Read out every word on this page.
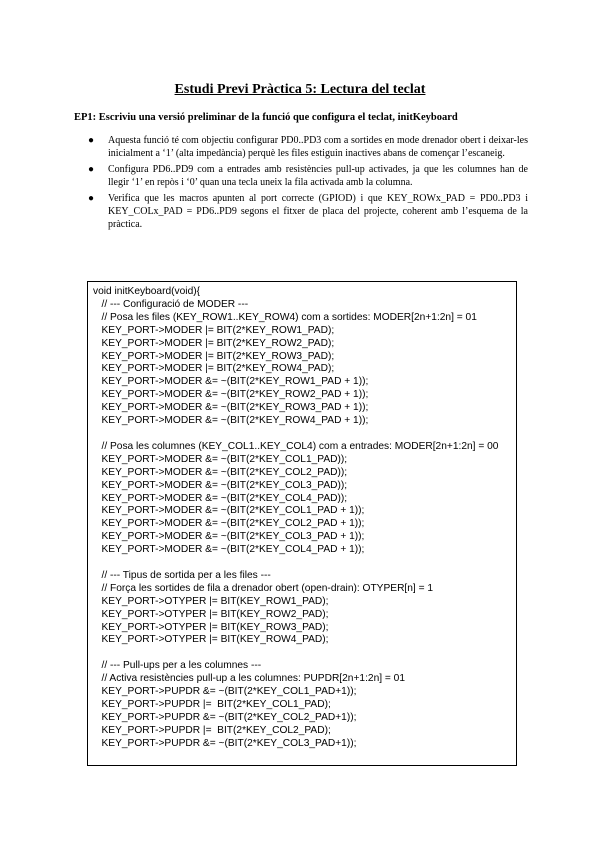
Estudi Previ Pràctica 5: Lectura del teclat
EP1: Escriviu una versió preliminar de la funció que configura el teclat, initKeyboard
● Aquesta funció té com objectiu configurar PD0..PD3 com a sortides en mode drenador obert i deixar-les inicialment a ‘1’ (alta impedància) perquè les files estiguin inactives abans de començar l’escaneig.
● Configura PD6..PD9 com a entrades amb resistències pull-up activades, ja que les columnes han de llegir ‘1’ en repòs i ‘0’ quan una tecla uneix la fila activada amb la columna.
● Verifica que les macros apunten al port correcte (GPIOD) i que KEY_ROWx_PAD = PD0..PD3 i KEY_COLx_PAD = PD6..PD9 segons el fitxer de placa del projecte, coherent amb l’esquema de la pràctica.
void initKeyboard(void){
// --- Configuració de MODER ---
// Posa les files (KEY_ROW1..KEY_ROW4) com a sortides: MODER[2n+1:2n] = 01
KEY_PORT->MODER |= BIT(2*KEY_ROW1_PAD);
KEY_PORT->MODER |= BIT(2*KEY_ROW2_PAD);
KEY_PORT->MODER |= BIT(2*KEY_ROW3_PAD);
KEY_PORT->MODER |= BIT(2*KEY_ROW4_PAD);
KEY_PORT->MODER &= ~(BIT(2*KEY_ROW1_PAD + 1));
KEY_PORT->MODER &= ~(BIT(2*KEY_ROW2_PAD + 1));
KEY_PORT->MODER &= ~(BIT(2*KEY_ROW3_PAD + 1));
KEY_PORT->MODER &= ~(BIT(2*KEY_ROW4_PAD + 1));

// Posa les columnes (KEY_COL1..KEY_COL4) com a entrades: MODER[2n+1:2n] = 00
KEY_PORT->MODER &= ~(BIT(2*KEY_COL1_PAD));
KEY_PORT->MODER &= ~(BIT(2*KEY_COL2_PAD));
KEY_PORT->MODER &= ~(BIT(2*KEY_COL3_PAD));
KEY_PORT->MODER &= ~(BIT(2*KEY_COL4_PAD));
KEY_PORT->MODER &= ~(BIT(2*KEY_COL1_PAD + 1));
KEY_PORT->MODER &= ~(BIT(2*KEY_COL2_PAD + 1));
KEY_PORT->MODER &= ~(BIT(2*KEY_COL3_PAD + 1));
KEY_PORT->MODER &= ~(BIT(2*KEY_COL4_PAD + 1));

// --- Tipus de sortida per a les files ---
// Força les sortides de fila a drenador obert (open-drain): OTYPER[n] = 1
KEY_PORT->OTYPER |= BIT(KEY_ROW1_PAD);
KEY_PORT->OTYPER |= BIT(KEY_ROW2_PAD);
KEY_PORT->OTYPER |= BIT(KEY_ROW3_PAD);
KEY_PORT->OTYPER |= BIT(KEY_ROW4_PAD);

// --- Pull-ups per a les columnes ---
// Activa resistències pull-up a les columnes: PUPDR[2n+1:2n] = 01
KEY_PORT->PUPDR &= ~(BIT(2*KEY_COL1_PAD+1));
KEY_PORT->PUPDR |=  BIT(2*KEY_COL1_PAD);
KEY_PORT->PUPDR &= ~(BIT(2*KEY_COL2_PAD+1));
KEY_PORT->PUPDR |=  BIT(2*KEY_COL2_PAD);
KEY_PORT->PUPDR &= ~(BIT(2*KEY_COL3_PAD+1));
